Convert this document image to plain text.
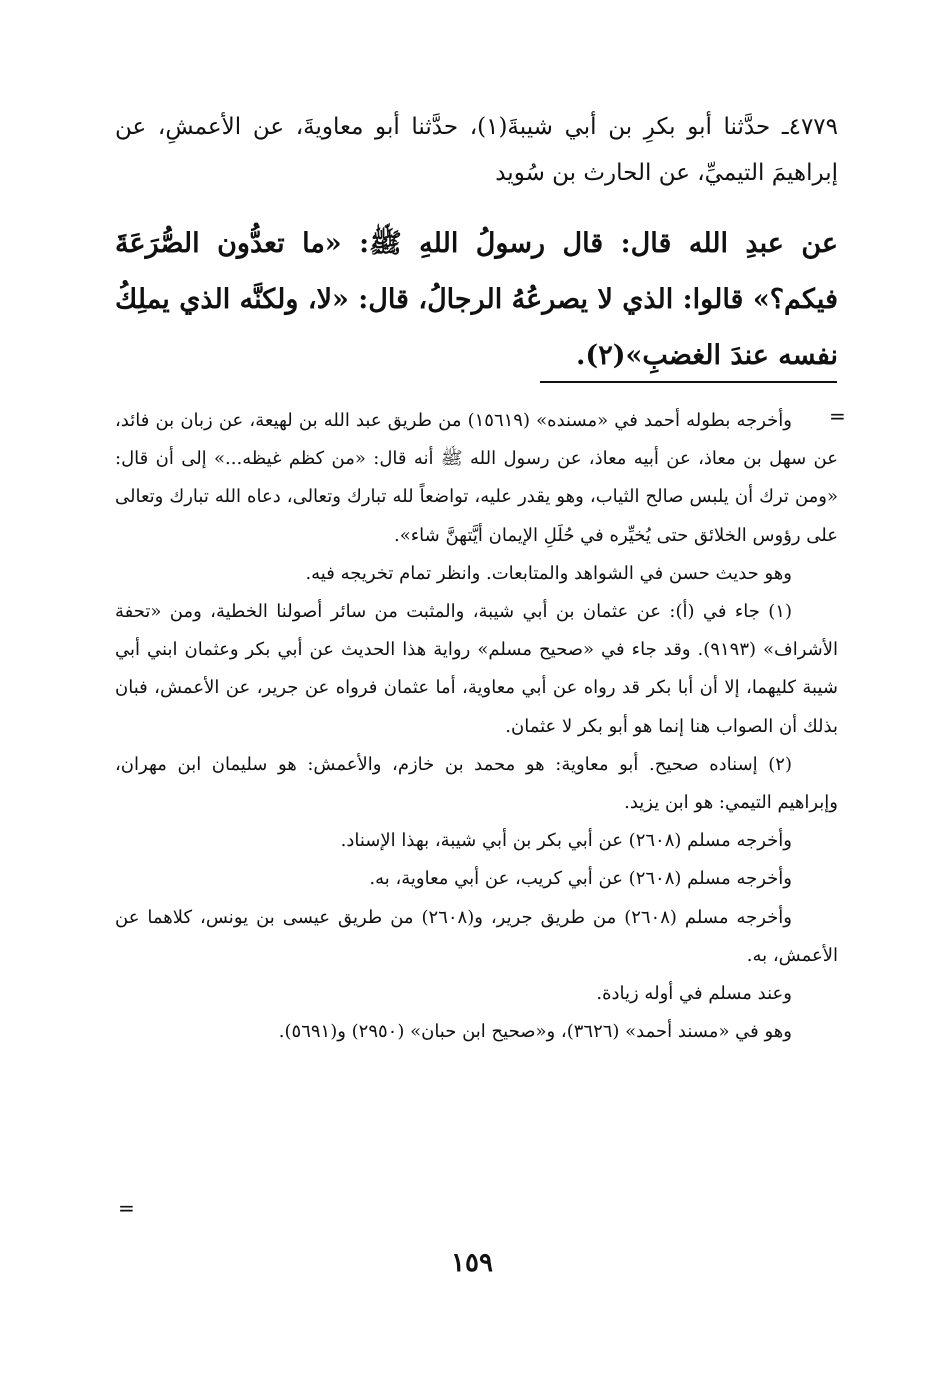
٤٧٧٩ـ حدَّثنا أبو بكرِ بن أبي شيبةَ(١)، حدَّثنا أبو معاويةَ، عن الأعمشِ، عن إبراهيمَ التيميِّ، عن الحارث بن سُويد

عن عبدِ الله قال: قال رسولُ اللهِ ﷺ: «ما تعدُّون الصُّرَعَةَ فيكم؟» قالوا: الذي لا يصرعُهُ الرجالُ، قال: «لا، ولكنَّه الذي يملِكُ نفسه عندَ الغضبِ»(٢).

=

وأخرجه بطوله أحمد في «مسنده» (١٥٦١٩) من طريق عبد الله بن لهيعة، عن زبان بن فائد، عن سهل بن معاذ، عن أبيه معاذ، عن رسول الله ﷺ أنه قال: «من كظم غيظه...» إلى أن قال: «ومن ترك أن يلبس صالح الثياب، وهو يقدر عليه، تواضعاً لله تبارك وتعالى، دعاه الله تبارك وتعالى على رؤوس الخلائق حتى يُخيِّره في حُلَلِ الإيمان أيَّتهنَّ شاء».

وهو حديث حسن في الشواهد والمتابعات. وانظر تمام تخريجه فيه.

(١) جاء في (أ): عن عثمان بن أبي شيبة، والمثبت من سائر أصولنا الخطية، ومن «تحفة الأشراف» (٩١٩٣). وقد جاء في «صحيح مسلم» رواية هذا الحديث عن أبي بكر وعثمان ابني أبي شيبة كليهما، إلا أن أبا بكر قد رواه عن أبي معاوية، أما عثمان فرواه عن جرير، عن الأعمش، فبان بذلك أن الصواب هنا إنما هو أبو بكر لا عثمان.

(٢) إسناده صحيح. أبو معاوية: هو محمد بن خازم، والأعمش: هو سليمان ابن مهران، وإبراهيم التيمي: هو ابن يزيد.

وأخرجه مسلم (٢٦٠٨) عن أبي بكر بن أبي شيبة، بهذا الإسناد.

وأخرجه مسلم (٢٦٠٨) عن أبي كريب، عن أبي معاوية، به.

وأخرجه مسلم (٢٦٠٨) من طريق جرير، و(٢٦٠٨) من طريق عيسى بن يونس، كلاهما عن الأعمش، به.

وعند مسلم في أوله زيادة.

وهو في «مسند أحمد» (٣٦٢٦)، و«صحيح ابن حبان» (٢٩٥٠) و(٥٦٩١).

=
١٥٩
